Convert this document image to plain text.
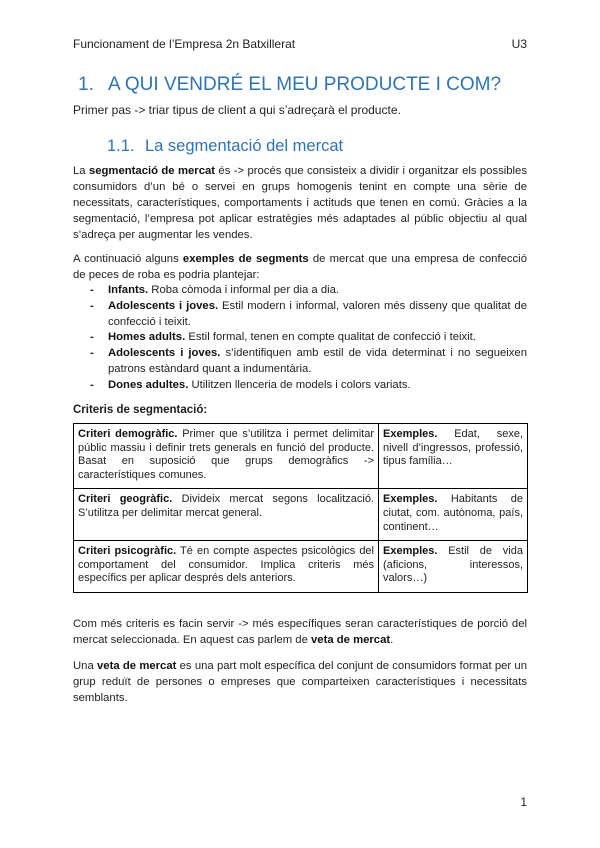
Funcionament de l’Empresa 2n Batxillerat	U3
1. A QUI VENDRÉ EL MEU PRODUCTE I COM?
Primer pas -> triar tipus de client a qui s’adreçarà el producte.
1.1. La segmentació del mercat
La segmentació de mercat és -> procés que consisteix a dividir i organitzar els possibles consumidors d’un bé o servei en grups homogenis tenint en compte una sèrie de necessitats, característiques, comportaments i actituds que tenen en comú. Gràcies a la segmentació, l’empresa pot aplicar estratègies més adaptades al públic objectiu al qual s’adreça per augmentar les vendes.
A continuació alguns exemples de segments de mercat que una empresa de confecció de peces de roba es podria plantejar:
- Infants. Roba còmoda i informal per dia a dia.
- Adolescents i joves. Estil modern i informal, valoren més disseny que qualitat de confecció i teixit.
- Homes adults. Estil formal, tenen en compte qualitat de confecció i teixit.
- Adolescents i joves. s’identifiquen amb estil de vida determinat i no segueixen patrons estàndard quant a indumentària.
- Dones adultes. Utilitzen llenceria de models i colors variats.
Criteris de segmentació:
Criteri demogràfic. Primer que s’utilitza i permet delimitar públic massiu i definir trets generals en funció del producte. Basat en suposició que grups demogràfics -> característiques comunes.	Exemples. Edat, sexe, nivell d’ingressos, professió, tipus família…
Criteri geogràfic. Divideix mercat segons localització. S’utilitza per delimitar mercat general.	Exemples. Habitants de ciutat, com. autònoma, país, continent…
Criteri psicogràfic. Té en compte aspectes psicològics del comportament del consumidor. Implica criteris més específics per aplicar després dels anteriors.	Exemples. Estil de vida (aficions, interessos, valors…)
Com més criteris es facin servir -> més específiques seran característiques de porció del mercat seleccionada. En aquest cas parlem de veta de mercat.
Una veta de mercat es una part molt específica del conjunt de consumidors format per un grup reduït de persones o empreses que comparteixen característiques i necessitats semblants.
1
